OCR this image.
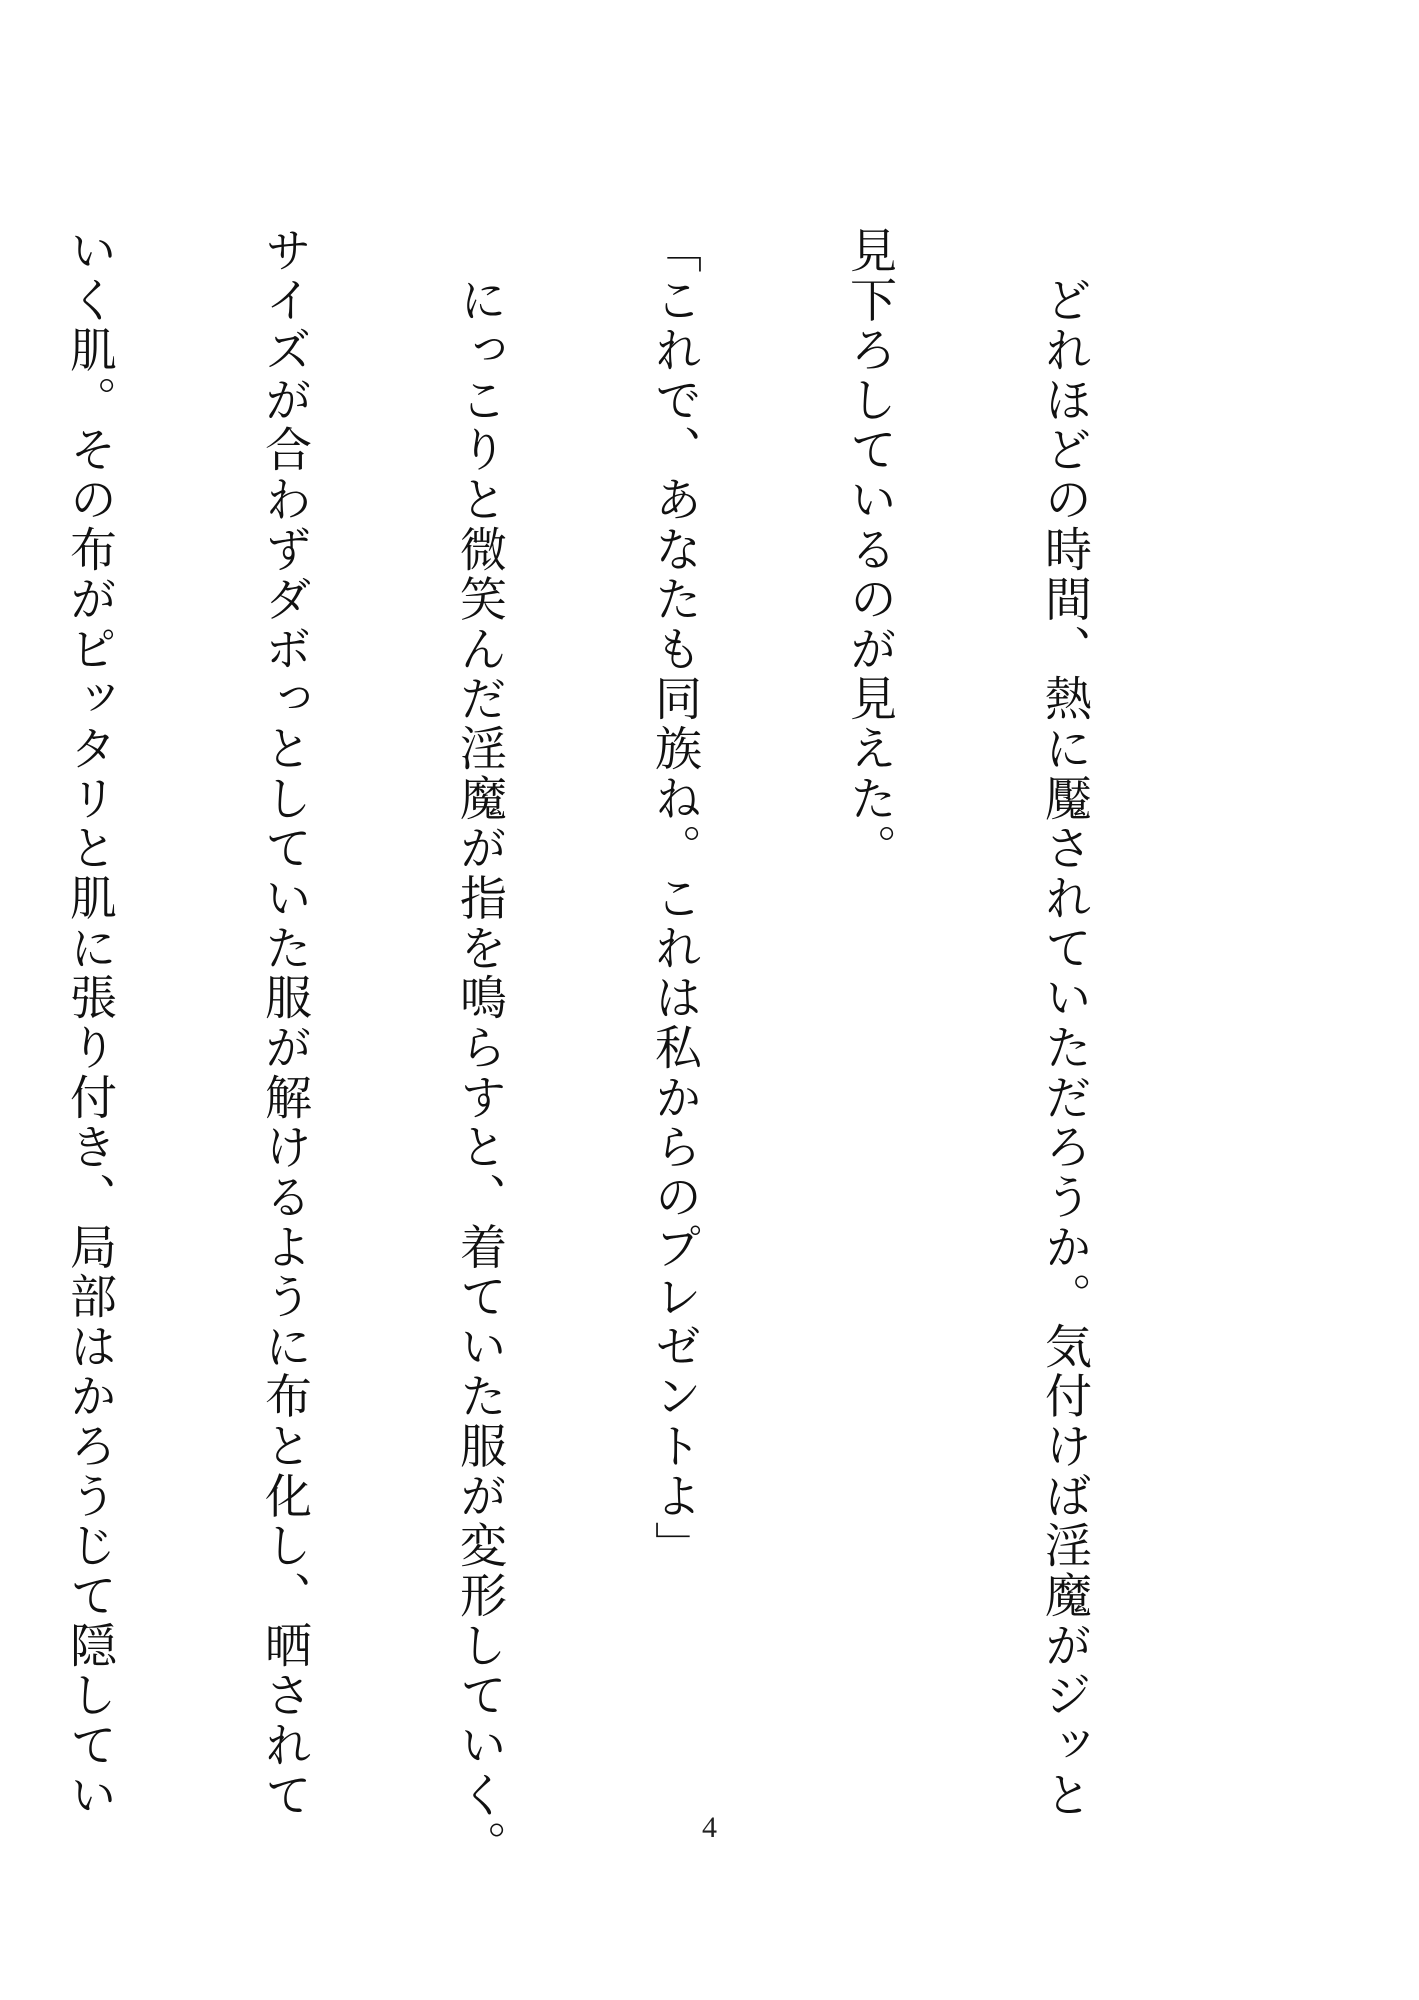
　どれほどの時間、熱に魘されていただろうか。気付けば淫魔がジッと

見下ろしているのが見えた。

「これで、あなたも同族ね。これは私からのプレゼントよ」

　にっこりと微笑んだ淫魔が指を鳴らすと、着ていた服が変形していく。

サイズが合わずダボっとしていた服が解けるように布と化し、晒されて

いく肌。その布がピッタリと肌に張り付き、局部はかろうじて隠してい

4
